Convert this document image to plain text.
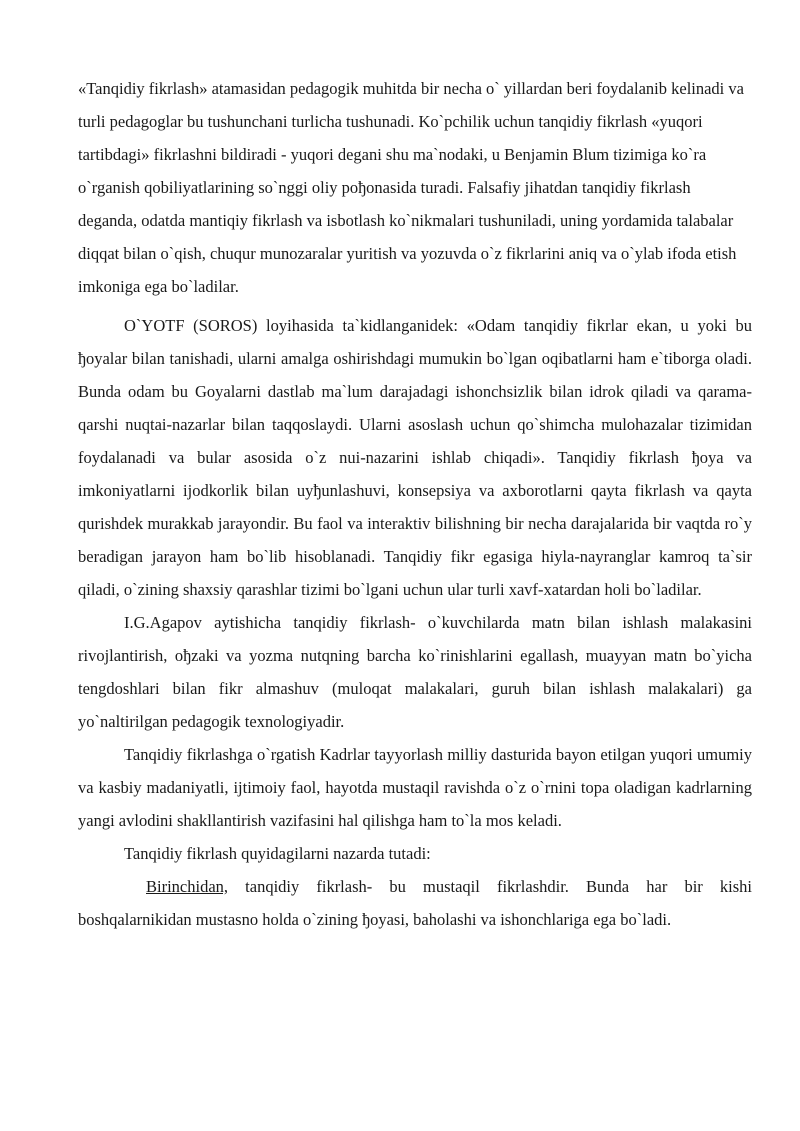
«Tanqidiy fikrlash» atamasidan pedagogik muhitda bir necha o` yillardan beri foydalanib kelinadi va turli pedagoglar bu tushunchani turlicha tushunadi. Ko`pchilik uchun tanqidiy fikrlash «yuqori tartibdagi» fikrlashni bildiradi - yuqori degani shu ma`nodaki, u Benjamin Blum tizimiga ko`ra o`rganish qobiliyatlarining so`nggi oliy poђonasida turadi. Falsafiy jihatdan tanqidiy fikrlash deganda, odatda mantiqiy fikrlash va isbotlash ko`nikmalari tushuniladi, uning yordamida talabalar diqqat bilan o`qish, chuqur munozaralar yuritish va yozuvda o`z fikrlarini aniq va o`ylab ifoda etish imkoniga ega bo`ladilar.

O`YOTF (SOROS) loyihasida ta`kidlanganidek: «Odam tanqidiy fikrlar ekan, u yoki bu ђoyalar bilan tanishadi, ularni amalga oshirishdagi mumukin bo`lgan oqibatlarni ham e`tiborga oladi. Bunda odam bu Goyalarni dastlab ma`lum darajadagi ishonchsizlik bilan idrok qiladi va qarama-qarshi nuqtai-nazarlar bilan taqqoslaydi. Ularni asoslash uchun qo`shimcha mulohazalar tizimidan foydalanadi va bular asosida o`z nui-nazarini ishlab chiqadi». Tanqidiy fikrlash ђoya va imkoniyatlarni ijodkorlik bilan uyђunlashuvi, konsepsiya va axborotlarni qayta fikrlash va qayta qurishdek murakkab jarayondir. Bu faol va interaktiv bilishning bir necha darajalarida bir vaqtda ro`y beradigan jarayon ham bo`lib hisoblanadi. Tanqidiy fikr egasiga hiyla-nayranglar kamroq ta`sir qiladi, o`zining shaxsiy qarashlar tizimi bo`lgani uchun ular turli xavf-xatardan holi bo`ladilar.

I.G.Agapov aytishicha tanqidiy fikrlash- o`kuvchilarda matn bilan ishlash malakasini rivojlantirish, oђzaki va yozma nutqning barcha ko`rinishlarini egallash, muayyan matn bo`yicha tengdoshlari bilan fikr almashuv (muloqat malakalari, guruh bilan ishlash malakalari) ga yo`naltirilgan pedagogik texnologiyadir.

Tanqidiy fikrlashga o`rgatish Kadrlar tayyorlash milliy dasturida bayon etilgan yuqori umumiy va kasbiy madaniyatli, ijtimoiy faol, hayotda mustaqil ravishda o`z o`rnini topa oladigan kadrlarning yangi avlodini shakllantirish vazifasini hal qilishga ham to`la mos keladi.

Tanqidiy fikrlash quyidagilarni nazarda tutadi:

Birinchidan, tanqidiy fikrlash- bu mustaqil fikrlashdir. Bunda har bir kishi boshqalarnikidan mustasno holda o`zining ђoyasi, baholashi va ishonchlariga ega bo`ladi.
